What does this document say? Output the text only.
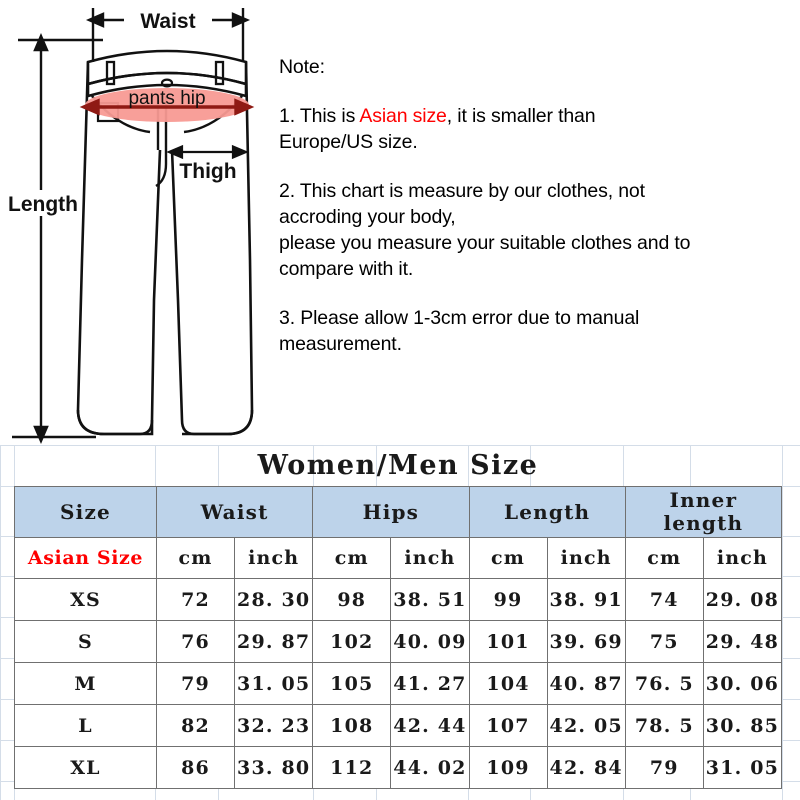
pants hip
Waist
Length
Thigh

Note:

1. This is Asian size, it is smaller than
Europe/US size.

2. This chart is measure by our clothes, not
accroding your body,
please you measure your suitable clothes and to
compare with it.

3. Please allow 1-3cm error due to manual
measurement.

Women/Men Size
Size	Waist		Hips		Length		Inner length	
Asian Size	cm	inch	cm	inch	cm	inch	cm	inch
XS	72	28. 30	98	38. 51	99	38. 91	74	29. 08
S	76	29. 87	102	40. 09	101	39. 69	75	29. 48
M	79	31. 05	105	41. 27	104	40. 87	76. 5	30. 06
L	82	32. 23	108	42. 44	107	42. 05	78. 5	30. 85
XL	86	33. 80	112	44. 02	109	42. 84	79	31. 05
